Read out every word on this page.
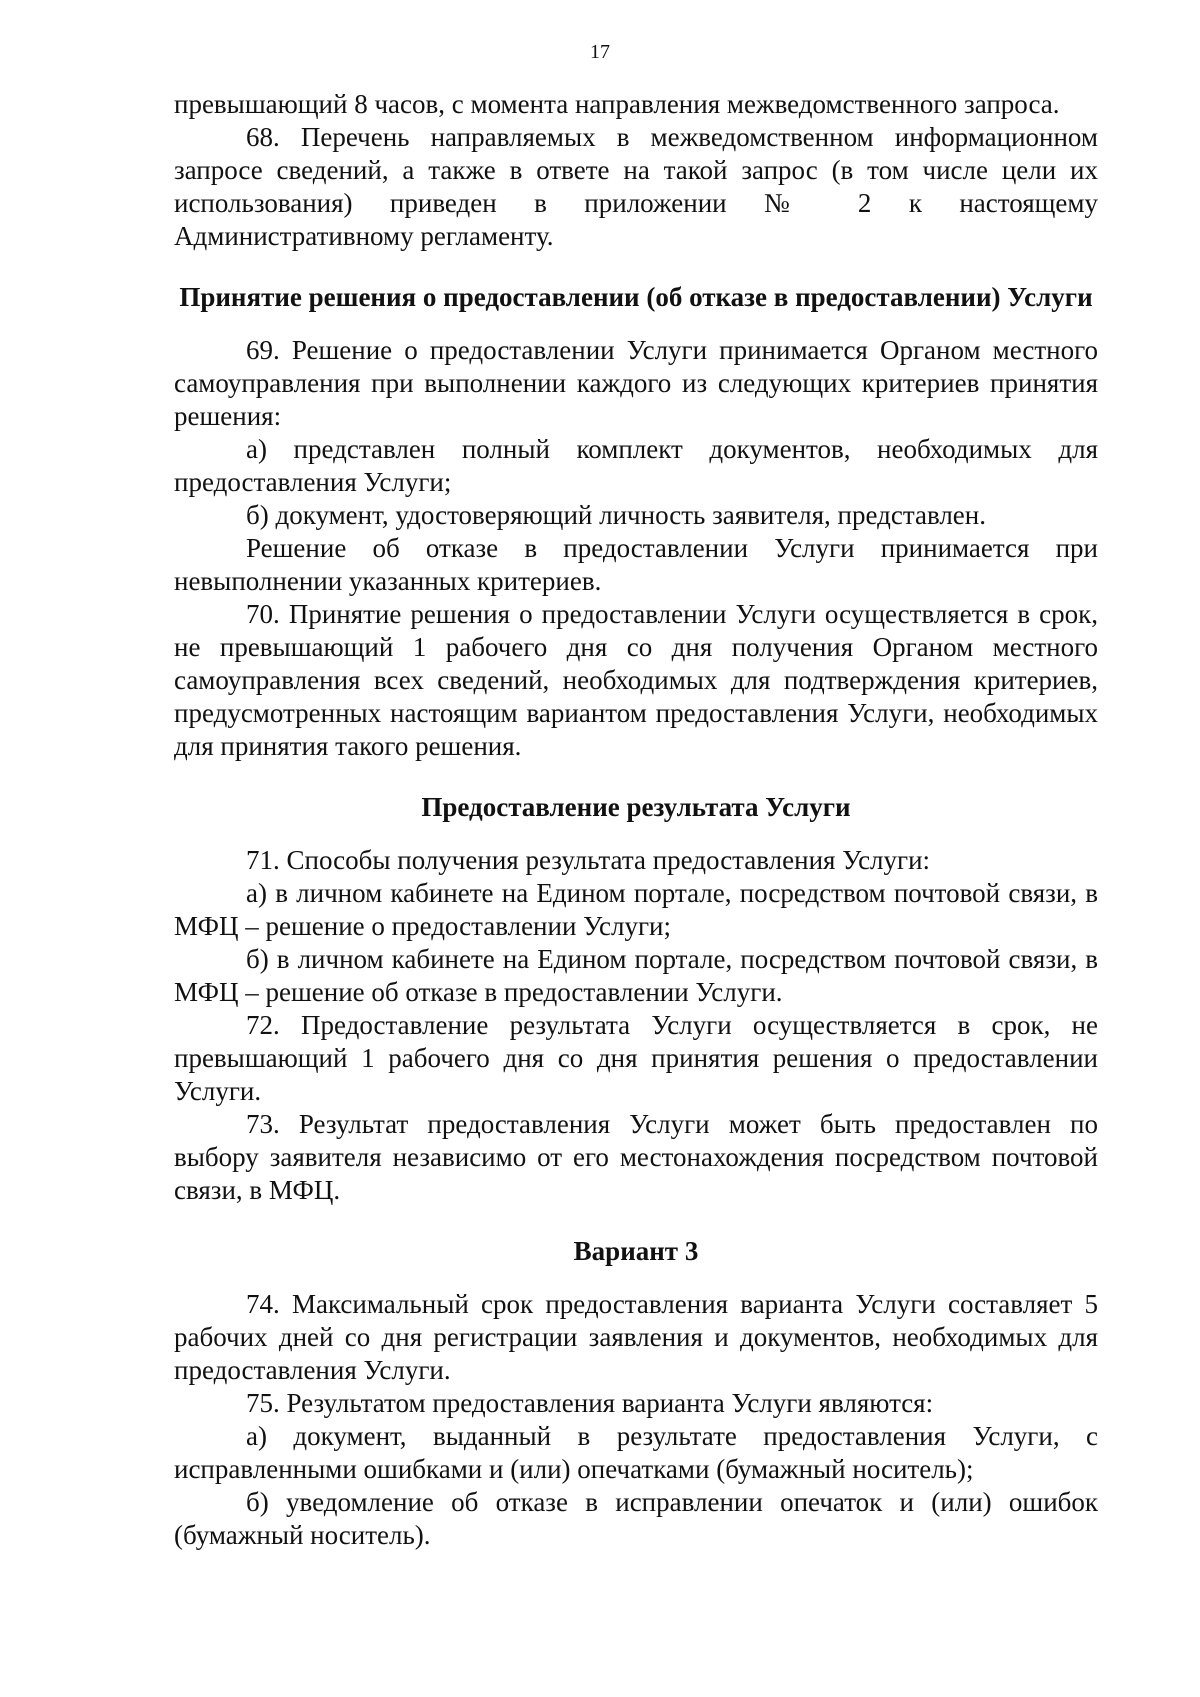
17

превышающий 8 часов, с момента направления межведомственного запроса.

68. Перечень направляемых в межведомственном информационном запросе сведений, а также в ответе на такой запрос (в том числе цели их использования) приведен в приложении № 2 к настоящему Административному регламенту.

Принятие решения о предоставлении (об отказе в предоставлении) Услуги

69. Решение о предоставлении Услуги принимается Органом местного самоуправления при выполнении каждого из следующих критериев принятия решения:

а) представлен полный комплект документов, необходимых для предоставления Услуги;

б) документ, удостоверяющий личность заявителя, представлен.

Решение об отказе в предоставлении Услуги принимается при невыполнении указанных критериев.

70. Принятие решения о предоставлении Услуги осуществляется в срок, не превышающий 1 рабочего дня со дня получения Органом местного самоуправления всех сведений, необходимых для подтверждения критериев, предусмотренных настоящим вариантом предоставления Услуги, необходимых для принятия такого решения.

Предоставление результата Услуги

71. Способы получения результата предоставления Услуги:

а) в личном кабинете на Едином портале, посредством почтовой связи, в МФЦ – решение о предоставлении Услуги;

б) в личном кабинете на Едином портале, посредством почтовой связи, в МФЦ – решение об отказе в предоставлении Услуги.

72. Предоставление результата Услуги осуществляется в срок, не превышающий 1 рабочего дня со дня принятия решения о предоставлении Услуги.

73. Результат предоставления Услуги может быть предоставлен по выбору заявителя независимо от его местонахождения посредством почтовой связи, в МФЦ.

Вариант 3

74. Максимальный срок предоставления варианта Услуги составляет 5 рабочих дней со дня регистрации заявления и документов, необходимых для предоставления Услуги.

75. Результатом предоставления варианта Услуги являются:

а) документ, выданный в результате предоставления Услуги, с исправленными ошибками и (или) опечатками (бумажный носитель);

б) уведомление об отказе в исправлении опечаток и (или) ошибок (бумажный носитель).
